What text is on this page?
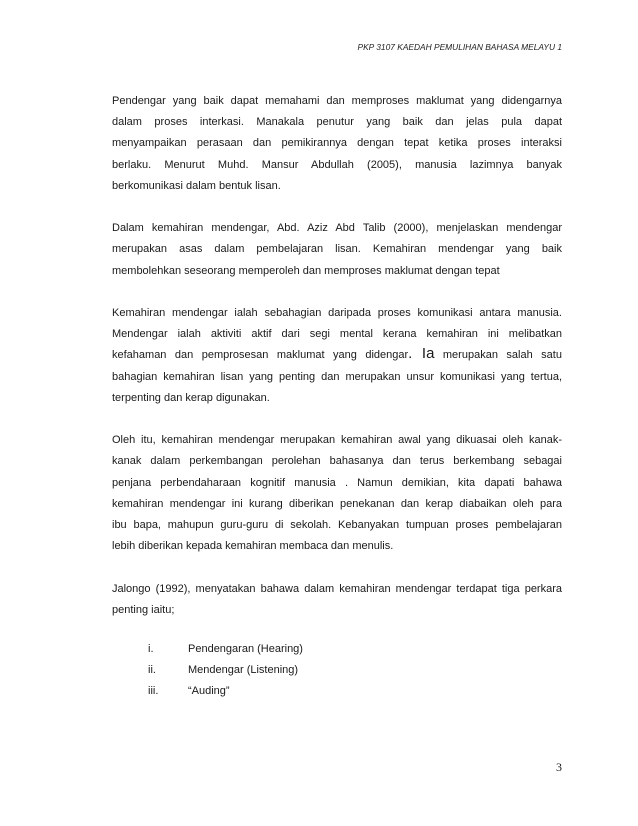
PKP 3107 KAEDAH PEMULIHAN BAHASA MELAYU 1

Pendengar yang baik dapat memahami dan memproses maklumat yang didengarnya
dalam proses interkasi. Manakala penutur yang baik dan jelas pula dapat
menyampaikan perasaan dan pemikirannya dengan tepat ketika proses interaksi
berlaku. Menurut Muhd. Mansur Abdullah (2005), manusia lazimnya banyak
berkomunikasi dalam bentuk lisan.

Dalam kemahiran mendengar, Abd. Aziz Abd Talib (2000), menjelaskan mendengar
merupakan asas dalam pembelajaran lisan. Kemahiran mendengar yang baik
membolehkan seseorang memperoleh dan memproses maklumat dengan tepat

Kemahiran mendengar ialah sebahagian daripada proses komunikasi antara manusia.
Mendengar ialah aktiviti aktif dari segi mental kerana kemahiran ini melibatkan
kefahaman dan pemprosesan maklumat yang didengar. Ia merupakan salah satu
bahagian kemahiran lisan yang penting dan merupakan unsur komunikasi yang tertua,
terpenting dan kerap digunakan.

Oleh itu, kemahiran mendengar merupakan kemahiran awal yang dikuasai oleh kanak-
kanak dalam perkembangan perolehan bahasanya dan terus berkembang sebagai
penjana perbendaharaan kognitif manusia . Namun demikian, kita dapati bahawa
kemahiran mendengar ini kurang diberikan penekanan dan kerap diabaikan oleh para
ibu bapa, mahupun guru-guru di sekolah. Kebanyakan tumpuan proses pembelajaran
lebih diberikan kepada kemahiran membaca dan menulis.

Jalongo (1992), menyatakan bahawa dalam kemahiran mendengar terdapat tiga perkara
penting iaitu;

i.	Pendengaran (Hearing)
ii.	Mendengar (Listening)
iii.	“Auding”
3
